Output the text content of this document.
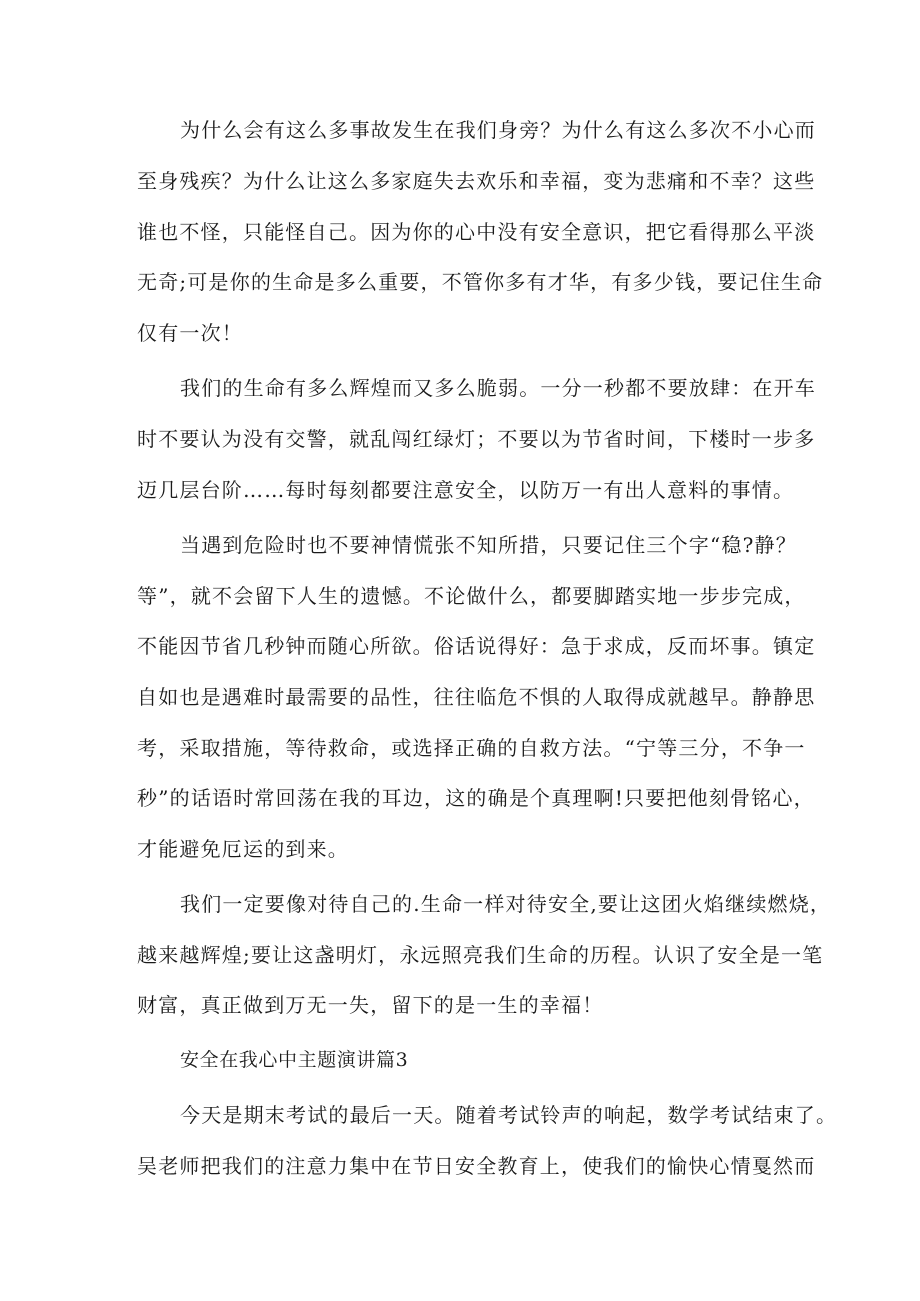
为什么会有这么多事故发生在我们身旁？为什么有这么多次不小心而
至身残疾？为什么让这么多家庭失去欢乐和幸福，变为悲痛和不幸？这些
谁也不怪，只能怪自己。因为你的心中没有安全意识，把它看得那么平淡
无奇;可是你的生命是多么重要，不管你多有才华，有多少钱，要记住生命
仅有一次！
我们的生命有多么辉煌而又多么脆弱。一分一秒都不要放肆：在开车
时不要认为没有交警，就乱闯红绿灯；不要以为节省时间，下楼时一步多
迈几层台阶……每时每刻都要注意安全，以防万一有出人意料的事情。
当遇到危险时也不要神情慌张不知所措，只要记住三个字“稳?静？
等”，就不会留下人生的遗憾。不论做什么，都要脚踏实地一步步完成，
不能因节省几秒钟而随心所欲。俗话说得好：急于求成，反而坏事。镇定
自如也是遇难时最需要的品性，往往临危不惧的人取得成就越早。静静思
考，采取措施，等待救命，或选择正确的自救方法。“宁等三分，不争一
秒”的话语时常回荡在我的耳边，这的确是个真理啊!只要把他刻骨铭心，
才能避免厄运的到来。
我们一定要像对待自己的.生命一样对待安全,要让这团火焰继续燃烧，
越来越辉煌;要让这盏明灯，永远照亮我们生命的历程。认识了安全是一笔
财富，真正做到万无一失，留下的是一生的幸福！
安全在我心中主题演讲篇3
今天是期末考试的最后一天。随着考试铃声的响起，数学考试结束了。
吴老师把我们的注意力集中在节日安全教育上，使我们的愉快心情戛然而
